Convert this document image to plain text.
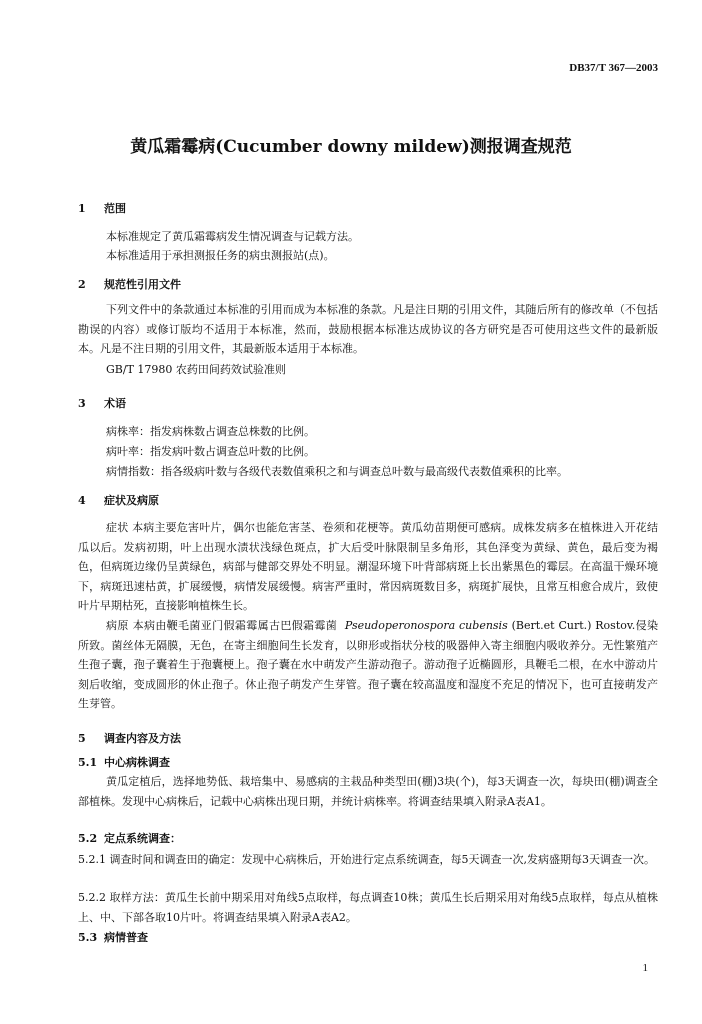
DB37/T 367—2003
黄瓜霜霉病(Cucumber downy mildew)测报调查规范
1 范围
本标准规定了黄瓜霜霉病发生情况调查与记载方法。
本标准适用于承担测报任务的病虫测报站(点)。
2 规范性引用文件
下列文件中的条款通过本标准的引用而成为本标准的条款。凡是注日期的引用文件，其随后所有的修改单（不包括勘误的内容）或修订版均不适用于本标准，然而，鼓励根据本标准达成协议的各方研究是否可使用这些文件的最新版本。凡是不注日期的引用文件，其最新版本适用于本标准。
GB/T 17980 农药田间药效试验准则
3 术语
病株率：指发病株数占调查总株数的比例。
病叶率：指发病叶数占调查总叶数的比例。
病情指数：指各级病叶数与各级代表数值乘积之和与调查总叶数与最高级代表数值乘积的比率。
4 症状及病原
症状 本病主要危害叶片，偶尔也能危害茎、卷须和花梗等。黄瓜幼苗期便可感病。成株发病多在植株进入开花结瓜以后。发病初期，叶上出现水渍状浅绿色斑点，扩大后受叶脉限制呈多角形，其色泽变为黄绿、黄色，最后变为褐色，但病斑边缘仍呈黄绿色，病部与健部交界处不明显。潮湿环境下叶背部病斑上长出紫黑色的霉层。在高温干燥环境下，病斑迅速枯黄，扩展缓慢，病情发展缓慢。病害严重时，常因病斑数目多，病斑扩展快，且常互相愈合成片，致使叶片早期枯死，直接影响植株生长。
病原 本病由鞭毛菌亚门假霜霉属古巴假霜霉菌 Pseudoperonospora cubensis (Bert.et Curt.) Rostov.侵染所致。菌丝体无隔膜，无色，在寄主细胞间生长发育，以卵形或指状分枝的吸器伸入寄主细胞内吸收养分。无性繁殖产生孢子囊，孢子囊着生于孢囊梗上。孢子囊在水中萌发产生游动孢子。游动孢子近椭圆形，具鞭毛二根，在水中游动片刻后收缩，变成圆形的休止孢子。休止孢子萌发产生芽管。孢子囊在较高温度和湿度不充足的情况下，也可直接萌发产生芽管。
5 调查内容及方法
5.1 中心病株调查
黄瓜定植后，选择地势低、栽培集中、易感病的主栽品种类型田(棚)3块(个)，每3天调查一次，每块田(棚)调查全部植株。发现中心病株后，记载中心病株出现日期，并统计病株率。将调查结果填入附录A表A1。
5.2 定点系统调查：
5.2.1 调查时间和调查田的确定：发现中心病株后，开始进行定点系统调查，每5天调查一次,发病盛期每3天调查一次。
5.2.2 取样方法：黄瓜生长前中期采用对角线5点取样，每点调查10株；黄瓜生长后期采用对角线5点取样，每点从植株上、中、下部各取10片叶。将调查结果填入附录A表A2。
5.3 病情普查
1
